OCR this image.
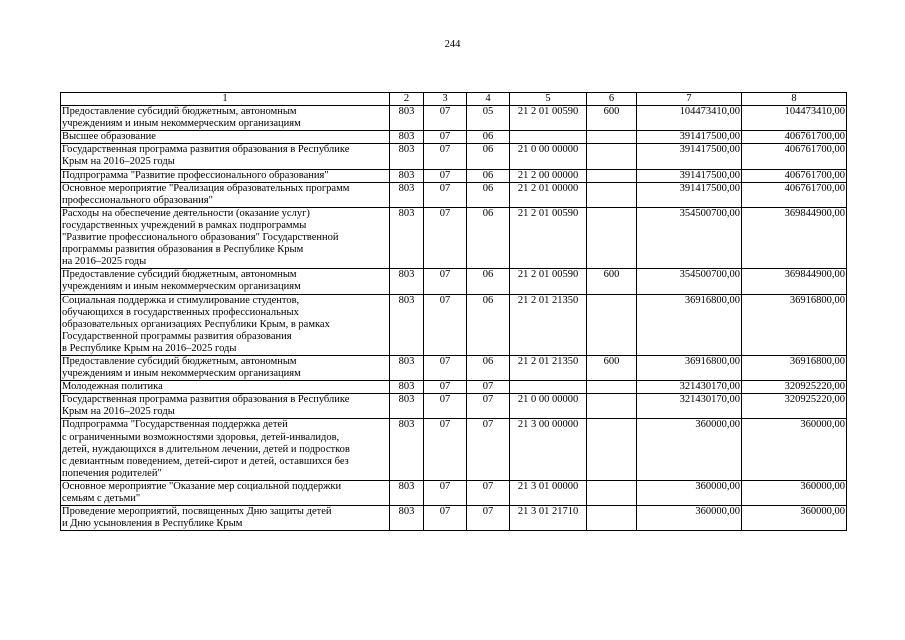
244
1	2	3	4	5	6	7	8

Предоставление субсидий бюджетным, автономным
учреждениям и иным некоммерческим организациям	803	07	05	21 2 01 00590	600	104473410,00	104473410,00

Высшее образование	803	07	06			391417500,00	406761700,00

Государственная программа развития образования в Республике
Крым на 2016–2025 годы	803	07	06	21 0 00 00000		391417500,00	406761700,00

Подпрограмма "Развитие профессионального образования"	803	07	06	21 2 00 00000		391417500,00	406761700,00

Основное мероприятие "Реализация образовательных программ
профессионального образования"	803	07	06	21 2 01 00000		391417500,00	406761700,00

Расходы на обеспечение деятельности (оказание услуг)
государственных учреждений в рамках подпрограммы
"Развитие профессионального образования" Государственной
программы развития образования в Республике Крым
на 2016–2025 годы	803	07	06	21 2 01 00590		354500700,00	369844900,00

Предоставление субсидий бюджетным, автономным
учреждениям и иным некоммерческим организациям	803	07	06	21 2 01 00590	600	354500700,00	369844900,00

Социальная поддержка и стимулирование студентов,
обучающихся в государственных профессиональных
образовательных организациях Республики Крым, в рамках
Государственной программы развития образования
в Республике Крым на 2016–2025 годы	803	07	06	21 2 01 21350		36916800,00	36916800,00

Предоставление субсидий бюджетным, автономным
учреждениям и иным некоммерческим организациям	803	07	06	21 2 01 21350	600	36916800,00	36916800,00

Молодежная политика	803	07	07			321430170,00	320925220,00

Государственная программа развития образования в Республике
Крым на 2016–2025 годы	803	07	07	21 0 00 00000		321430170,00	320925220,00

Подпрограмма "Государственная поддержка детей
с ограниченными возможностями здоровья, детей-инвалидов,
детей, нуждающихся в длительном лечении, детей и подростков
с девиантным поведением, детей-сирот и детей, оставшихся без
попечения родителей"	803	07	07	21 3 00 00000		360000,00	360000,00

Основное мероприятие "Оказание мер социальной поддержки
семьям с детьми"	803	07	07	21 3 01 00000		360000,00	360000,00

Проведение мероприятий, посвященных Дню защиты детей
и Дню усыновления в Республике Крым	803	07	07	21 3 01 21710		360000,00	360000,00
